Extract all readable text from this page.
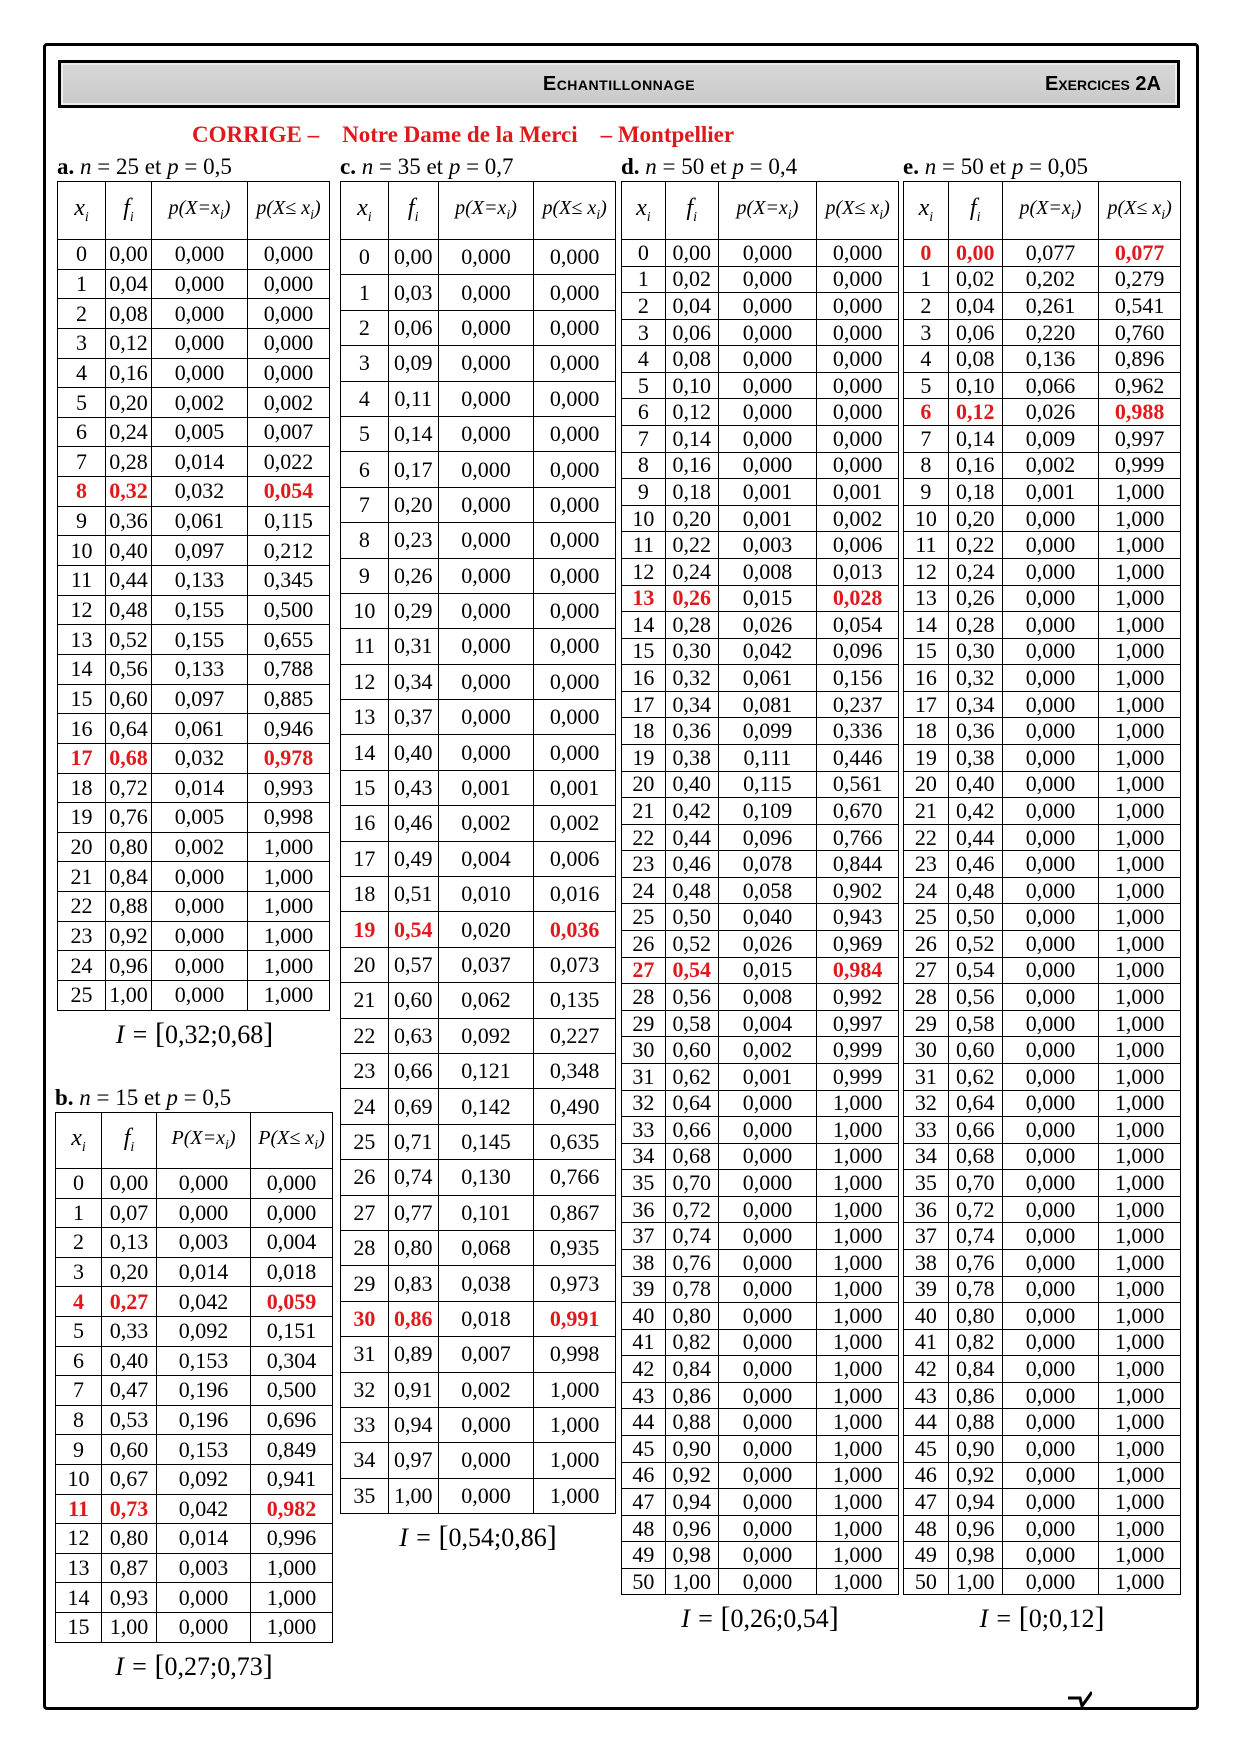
Echantillonnage	Exercices 2A
CORRIGE –    Notre Dame de la Merci    – Montpellier
a. n = 25 et p = 0,5
$x_i$	$f_i$	$p(X=x_i)$	$p(X\le x_i)$
0	0,00	0,000	0,000
1	0,04	0,000	0,000
2	0,08	0,000	0,000
3	0,12	0,000	0,000
4	0,16	0,000	0,000
5	0,20	0,002	0,002
6	0,24	0,005	0,007
7	0,28	0,014	0,022
8	0,32	0,032	0,054
9	0,36	0,061	0,115
10	0,40	0,097	0,212
11	0,44	0,133	0,345
12	0,48	0,155	0,500
13	0,52	0,155	0,655
14	0,56	0,133	0,788
15	0,60	0,097	0,885
16	0,64	0,061	0,946
17	0,68	0,032	0,978
18	0,72	0,014	0,993
19	0,76	0,005	0,998
20	0,80	0,002	1,000
21	0,84	0,000	1,000
22	0,88	0,000	1,000
23	0,92	0,000	1,000
24	0,96	0,000	1,000
25	1,00	0,000	1,000
I = [0,32;0,68]
b. n = 15 et p = 0,5
$x_i$	$f_i$	$P(X=x_i)$	$P(X\le x_i)$
0	0,00	0,000	0,000
1	0,07	0,000	0,000
2	0,13	0,003	0,004
3	0,20	0,014	0,018
4	0,27	0,042	0,059
5	0,33	0,092	0,151
6	0,40	0,153	0,304
7	0,47	0,196	0,500
8	0,53	0,196	0,696
9	0,60	0,153	0,849
10	0,67	0,092	0,941
11	0,73	0,042	0,982
12	0,80	0,014	0,996
13	0,87	0,003	1,000
14	0,93	0,000	1,000
15	1,00	0,000	1,000
I = [0,27;0,73]
c. n = 35 et p = 0,7
$x_i$	$f_i$	$p(X=x_i)$	$p(X\le x_i)$
0	0,00	0,000	0,000
1	0,03	0,000	0,000
2	0,06	0,000	0,000
3	0,09	0,000	0,000
4	0,11	0,000	0,000
5	0,14	0,000	0,000
6	0,17	0,000	0,000
7	0,20	0,000	0,000
8	0,23	0,000	0,000
9	0,26	0,000	0,000
10	0,29	0,000	0,000
11	0,31	0,000	0,000
12	0,34	0,000	0,000
13	0,37	0,000	0,000
14	0,40	0,000	0,000
15	0,43	0,001	0,001
16	0,46	0,002	0,002
17	0,49	0,004	0,006
18	0,51	0,010	0,016
19	0,54	0,020	0,036
20	0,57	0,037	0,073
21	0,60	0,062	0,135
22	0,63	0,092	0,227
23	0,66	0,121	0,348
24	0,69	0,142	0,490
25	0,71	0,145	0,635
26	0,74	0,130	0,766
27	0,77	0,101	0,867
28	0,80	0,068	0,935
29	0,83	0,038	0,973
30	0,86	0,018	0,991
31	0,89	0,007	0,998
32	0,91	0,002	1,000
33	0,94	0,000	1,000
34	0,97	0,000	1,000
35	1,00	0,000	1,000
I = [0,54;0,86]
d. n = 50 et p = 0,4
$x_i$	$f_i$	$p(X=x_i)$	$p(X\le x_i)$
0	0,00	0,000	0,000
1	0,02	0,000	0,000
2	0,04	0,000	0,000
3	0,06	0,000	0,000
4	0,08	0,000	0,000
5	0,10	0,000	0,000
6	0,12	0,000	0,000
7	0,14	0,000	0,000
8	0,16	0,000	0,000
9	0,18	0,001	0,001
10	0,20	0,001	0,002
11	0,22	0,003	0,006
12	0,24	0,008	0,013
13	0,26	0,015	0,028
14	0,28	0,026	0,054
15	0,30	0,042	0,096
16	0,32	0,061	0,156
17	0,34	0,081	0,237
18	0,36	0,099	0,336
19	0,38	0,111	0,446
20	0,40	0,115	0,561
21	0,42	0,109	0,670
22	0,44	0,096	0,766
23	0,46	0,078	0,844
24	0,48	0,058	0,902
25	0,50	0,040	0,943
26	0,52	0,026	0,969
27	0,54	0,015	0,984
28	0,56	0,008	0,992
29	0,58	0,004	0,997
30	0,60	0,002	0,999
31	0,62	0,001	0,999
32	0,64	0,000	1,000
33	0,66	0,000	1,000
34	0,68	0,000	1,000
35	0,70	0,000	1,000
36	0,72	0,000	1,000
37	0,74	0,000	1,000
38	0,76	0,000	1,000
39	0,78	0,000	1,000
40	0,80	0,000	1,000
41	0,82	0,000	1,000
42	0,84	0,000	1,000
43	0,86	0,000	1,000
44	0,88	0,000	1,000
45	0,90	0,000	1,000
46	0,92	0,000	1,000
47	0,94	0,000	1,000
48	0,96	0,000	1,000
49	0,98	0,000	1,000
50	1,00	0,000	1,000
I = [0,26;0,54]
e. n = 50 et p = 0,05
$x_i$	$f_i$	$p(X=x_i)$	$p(X\le x_i)$
0	0,00	0,077	0,077
1	0,02	0,202	0,279
2	0,04	0,261	0,541
3	0,06	0,220	0,760
4	0,08	0,136	0,896
5	0,10	0,066	0,962
6	0,12	0,026	0,988
7	0,14	0,009	0,997
8	0,16	0,002	0,999
9	0,18	0,001	1,000
10	0,20	0,000	1,000
11	0,22	0,000	1,000
12	0,24	0,000	1,000
13	0,26	0,000	1,000
14	0,28	0,000	1,000
15	0,30	0,000	1,000
16	0,32	0,000	1,000
17	0,34	0,000	1,000
18	0,36	0,000	1,000
19	0,38	0,000	1,000
20	0,40	0,000	1,000
21	0,42	0,000	1,000
22	0,44	0,000	1,000
23	0,46	0,000	1,000
24	0,48	0,000	1,000
25	0,50	0,000	1,000
26	0,52	0,000	1,000
27	0,54	0,000	1,000
28	0,56	0,000	1,000
29	0,58	0,000	1,000
30	0,60	0,000	1,000
31	0,62	0,000	1,000
32	0,64	0,000	1,000
33	0,66	0,000	1,000
34	0,68	0,000	1,000
35	0,70	0,000	1,000
36	0,72	0,000	1,000
37	0,74	0,000	1,000
38	0,76	0,000	1,000
39	0,78	0,000	1,000
40	0,80	0,000	1,000
41	0,82	0,000	1,000
42	0,84	0,000	1,000
43	0,86	0,000	1,000
44	0,88	0,000	1,000
45	0,90	0,000	1,000
46	0,92	0,000	1,000
47	0,94	0,000	1,000
48	0,96	0,000	1,000
49	0,98	0,000	1,000
50	1,00	0,000	1,000
I = [0;0,12]
